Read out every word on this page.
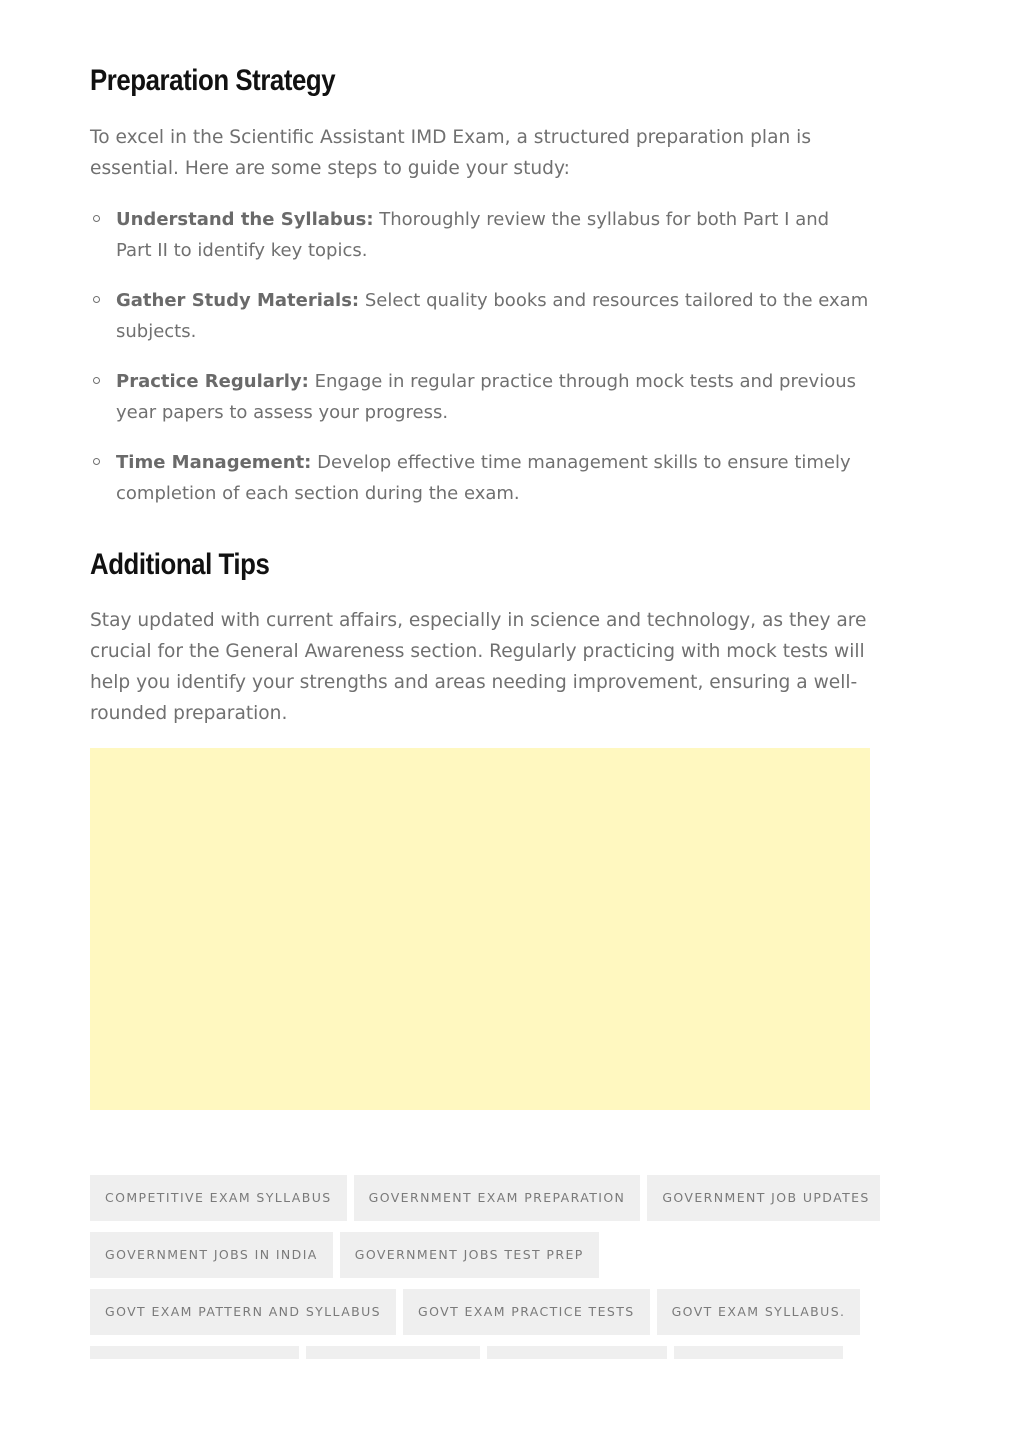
Preparation Strategy

To excel in the Scientific Assistant IMD Exam, a structured preparation plan is essential. Here are some steps to guide your study:

Understand the Syllabus: Thoroughly review the syllabus for both Part I and Part II to identify key topics.
Gather Study Materials: Select quality books and resources tailored to the exam subjects.
Practice Regularly: Engage in regular practice through mock tests and previous year papers to assess your progress.
Time Management: Develop effective time management skills to ensure timely completion of each section during the exam.
Additional Tips

Stay updated with current affairs, especially in science and technology, as they are crucial for the General Awareness section. Regularly practicing with mock tests will help you identify your strengths and areas needing improvement, ensuring a well-rounded preparation.

COMPETITIVE EXAM SYLLABUS	GOVERNMENT EXAM PREPARATION	GOVERNMENT JOB UPDATES
GOVERNMENT JOBS IN INDIA	GOVERNMENT JOBS TEST PREP
GOVT EXAM PATTERN AND SYLLABUS	GOVT EXAM PRACTICE TESTS	GOVT EXAM SYLLABUS.
